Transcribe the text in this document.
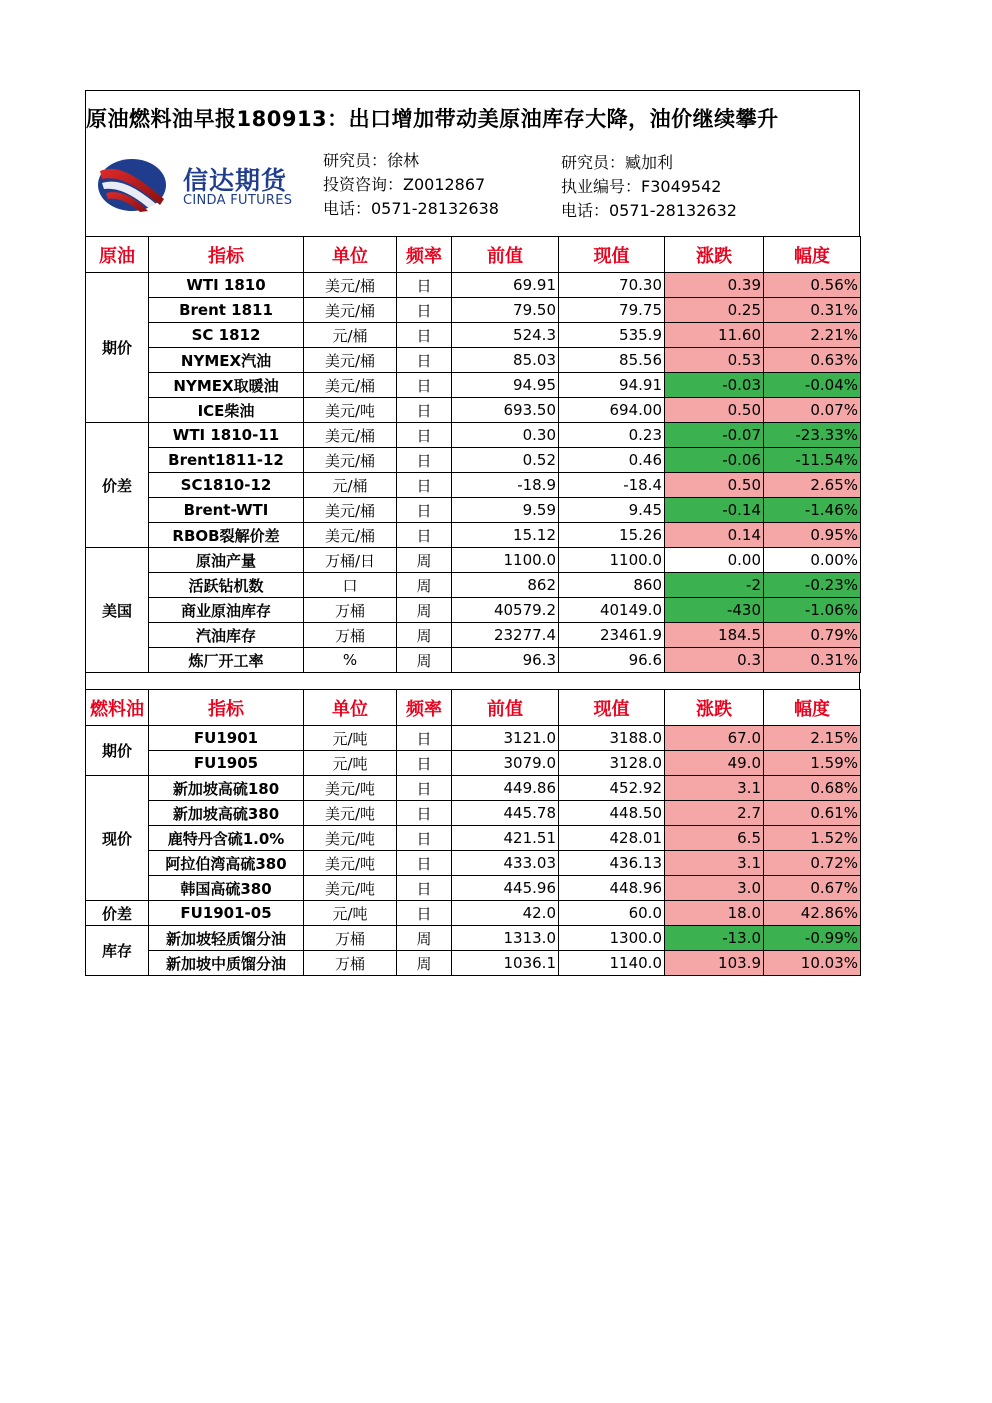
原油燃料油早报180913：出口增加带动美原油库存大降，油价继续攀升
信达期货
CINDA FUTURES
研究员：徐林
投资咨询：Z0012867
电话：0571-28132638
研究员：臧加利
执业编号：F3049542
电话：0571-28132632
原油	指标	单位	频率	前值	现值	涨跌	幅度
期价	WTI 1810	美元/桶	日	69.91	70.30	0.39	0.56%
	Brent 1811	美元/桶	日	79.50	79.75	0.25	0.31%
	SC 1812	元/桶	日	524.3	535.9	11.60	2.21%
	NYMEX汽油	美元/桶	日	85.03	85.56	0.53	0.63%
	NYMEX取暖油	美元/桶	日	94.95	94.91	-0.03	-0.04%
	ICE柴油	美元/吨	日	693.50	694.00	0.50	0.07%
价差	WTI 1810-11	美元/桶	日	0.30	0.23	-0.07	-23.33%
	Brent1811-12	美元/桶	日	0.52	0.46	-0.06	-11.54%
	SC1810-12	元/桶	日	-18.9	-18.4	0.50	2.65%
	Brent-WTI	美元/桶	日	9.59	9.45	-0.14	-1.46%
	RBOB裂解价差	美元/桶	日	15.12	15.26	0.14	0.95%
美国	原油产量	万桶/日	周	1100.0	1100.0	0.00	0.00%
	活跃钻机数	口	周	862	860	-2	-0.23%
	商业原油库存	万桶	周	40579.2	40149.0	-430	-1.06%
	汽油库存	万桶	周	23277.4	23461.9	184.5	0.79%
	炼厂开工率	%	周	96.3	96.6	0.3	0.31%
燃料油	指标	单位	频率	前值	现值	涨跌	幅度
期价	FU1901	元/吨	日	3121.0	3188.0	67.0	2.15%
	FU1905	元/吨	日	3079.0	3128.0	49.0	1.59%
现价	新加坡高硫180	美元/吨	日	449.86	452.92	3.1	0.68%
	新加坡高硫380	美元/吨	日	445.78	448.50	2.7	0.61%
	鹿特丹含硫1.0%	美元/吨	日	421.51	428.01	6.5	1.52%
	阿拉伯湾高硫380	美元/吨	日	433.03	436.13	3.1	0.72%
	韩国高硫380	美元/吨	日	445.96	448.96	3.0	0.67%
价差	FU1901-05	元/吨	日	42.0	60.0	18.0	42.86%
库存	新加坡轻质馏分油	万桶	周	1313.0	1300.0	-13.0	-0.99%
	新加坡中质馏分油	万桶	周	1036.1	1140.0	103.9	10.03%
